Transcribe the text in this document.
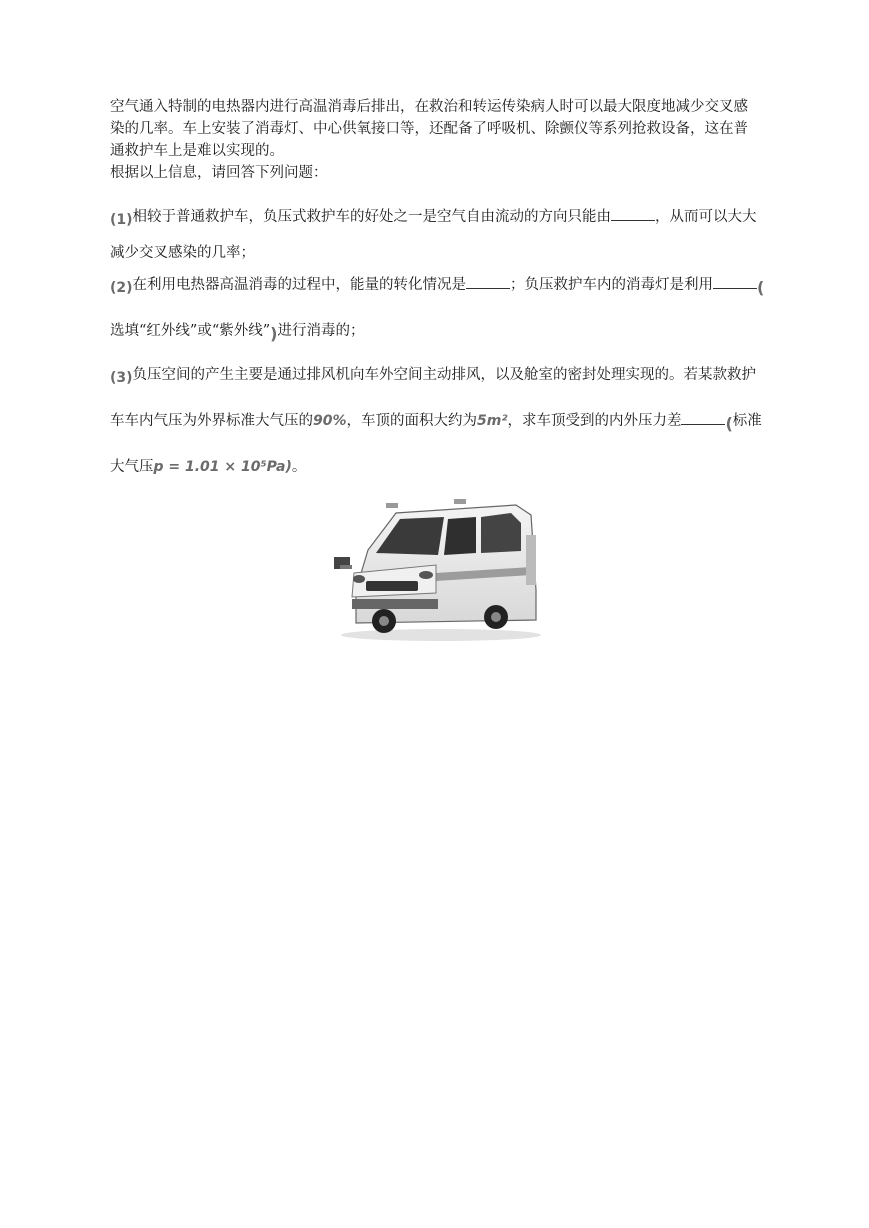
空气通入特制的电热器内进行高温消毒后排出，在救治和转运传染病人时可以最大限度地减少交叉感
染的几率。车上安装了消毒灯、中心供氧接口等，还配备了呼吸机、除颤仪等系列抢救设备，这在普
通救护车上是难以实现的。
根据以上信息，请回答下列问题：
(1)相较于普通救护车，负压式救护车的好处之一是空气自由流动的方向只能由	，从而可以大大
减少交叉感染的几率；
(2)在利用电热器高温消毒的过程中，能量的转化情况是	；负压救护车内的消毒灯是利用	(
选填“红外线”或“紫外线”)进行消毒的；
(3)负压空间的产生主要是通过排风机向车外空间主动排风，以及舱室的密封处理实现的。若某款救护
车车内气压为外界标准大气压的90%，车顶的面积大约为5m²，求车顶受到的内外压力差	(标准
大气压p = 1.01 × 10⁵Pa)。
